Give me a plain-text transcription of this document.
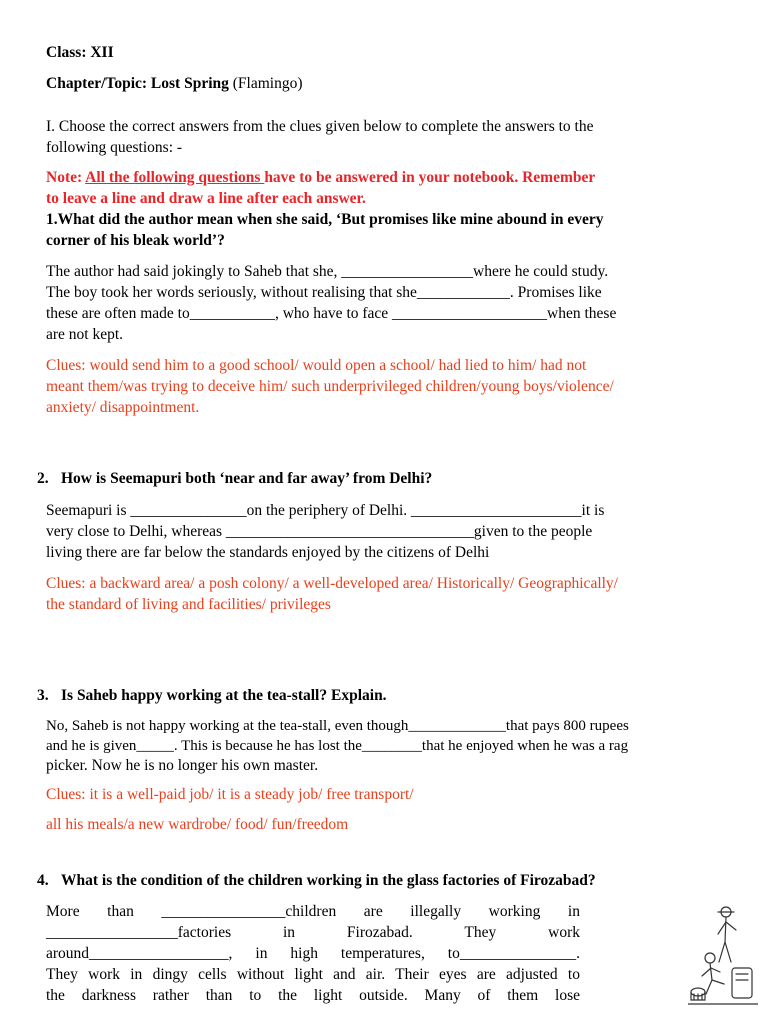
Class: XII
Chapter/Topic: Lost Spring (Flamingo)
I. Choose the correct answers from the clues given below to complete the answers to the
following questions: -
Note: All the following questions have to be answered in your notebook. Remember
to leave a line and draw a line after each answer.
1.What did the author mean when she said, ‘But promises like mine abound in every
corner of his bleak world’?
The author had said jokingly to Saheb that she, _________________where he could study.
The boy took her words seriously, without realising that she____________. Promises like
these are often made to___________, who have to face ____________________when these
are not kept.
Clues: would send him to a good school/ would open a school/ had lied to him/ had not
meant them/was trying to deceive him/ such underprivileged children/young boys/violence/
anxiety/ disappointment.
2. How is Seemapuri both ‘near and far away’ from Delhi?
Seemapuri is _______________on the periphery of Delhi. ______________________it is
very close to Delhi, whereas ________________________________given to the people
living there are far below the standards enjoyed by the citizens of Delhi
Clues: a backward area/ a posh colony/ a well-developed area/ Historically/ Geographically/
the standard of living and facilities/ privileges
3. Is Saheb happy working at the tea-stall? Explain.
No, Saheb is not happy working at the tea-stall, even though_____________that pays 800 rupees
and he is given_____. This is because he has lost the________that he enjoyed when he was a rag
picker. Now he is no longer his own master.
Clues: it is a well-paid job/ it is a steady job/ free transport/
all his meals/a new wardrobe/ food/ fun/freedom
4. What is the condition of the children working in the glass factories of Firozabad?
More than ________________children are illegally working in
_________________factories in Firozabad. They work
around__________________, in high temperatures, to_______________.
They work in dingy cells without light and air. Their eyes are adjusted to
the darkness rather than to the light outside. Many of them lose
